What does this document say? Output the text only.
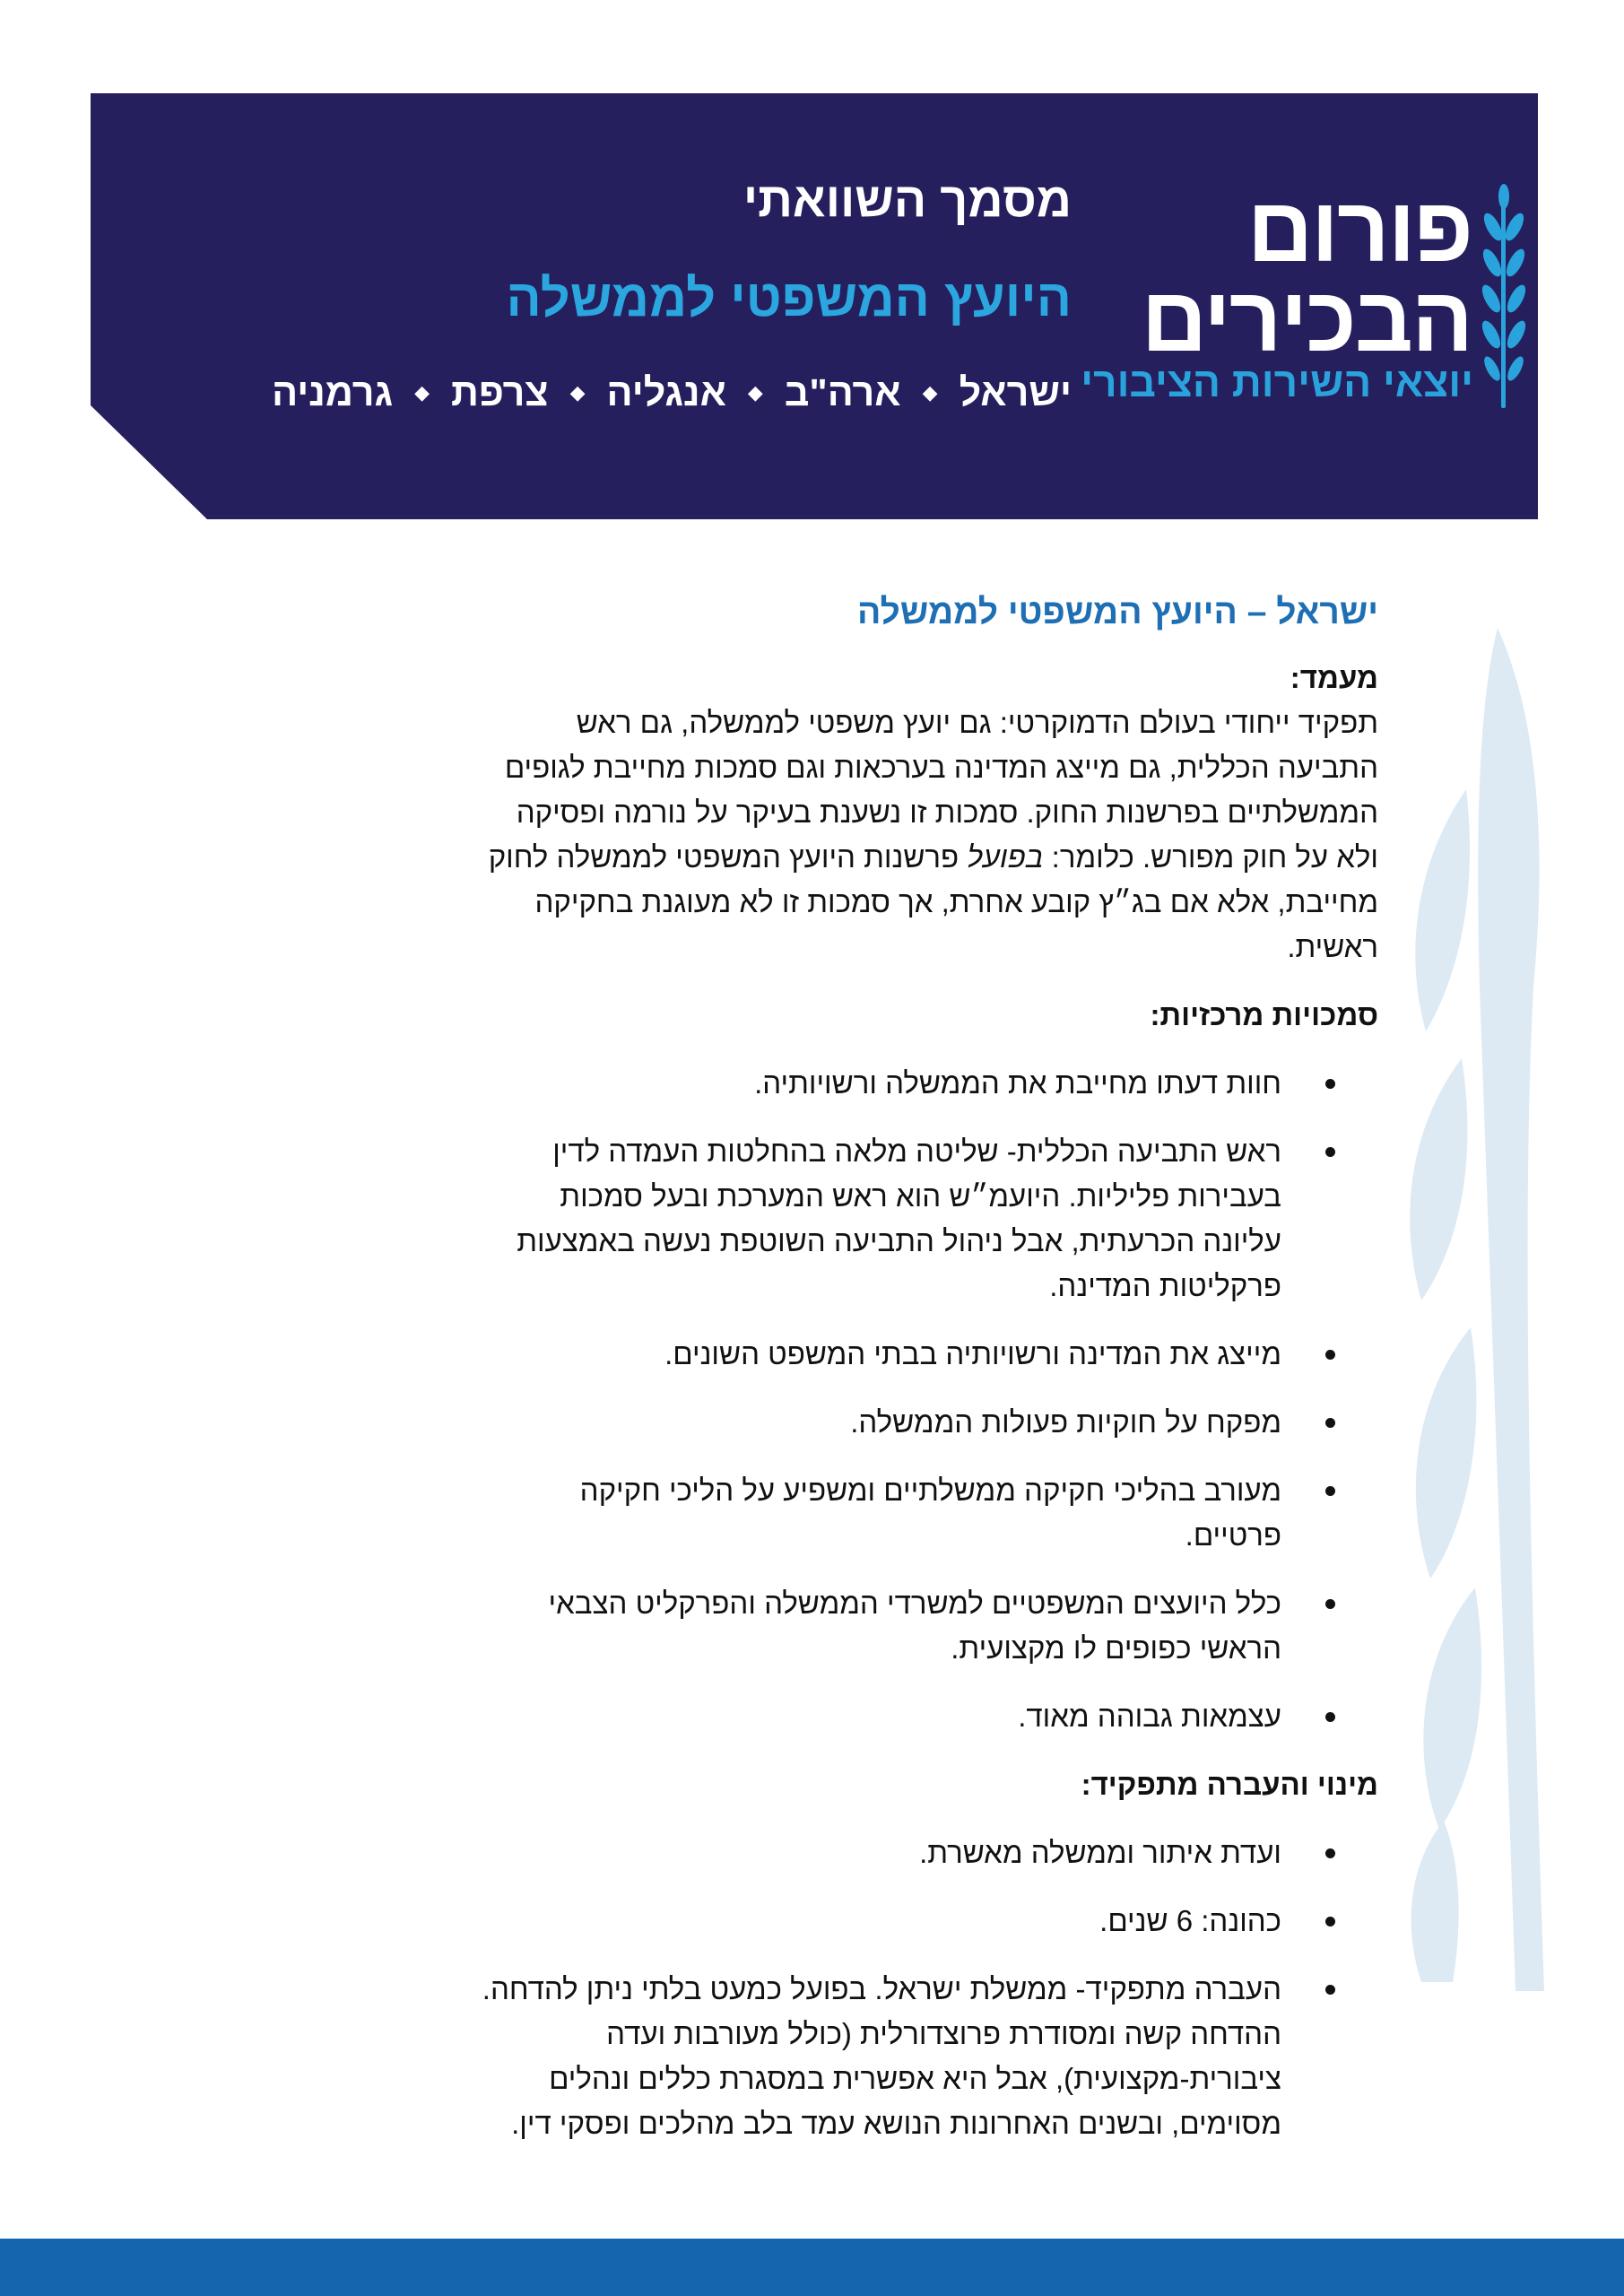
פורום
הבכירים
יוצאי השירות הציבורי
מסמך השוואתי
היועץ המשפטי לממשלה
ישראל
◆
ארה"ב
◆
אנגליה
◆
צרפת
◆
גרמניה
ישראל – היועץ המשפטי לממשלה
מעמד:

תפקיד ייחודי בעולם הדמוקרטי: גם יועץ משפטי לממשלה, גם ראש התביעה הכללית, גם מייצג המדינה בערכאות וגם סמכות מחייבת לגופים הממשלתיים בפרשנות החוק. סמכות זו נשענת בעיקר על נורמה ופסיקה ולא על חוק מפורש. כלומר: בפועל פרשנות היועץ המשפטי לממשלה לחוק מחייבת, אלא אם בג״ץ קובע אחרת, אך סמכות זו לא מעוגנת בחקיקה ראשית.

סמכויות מרכזיות:
חוות דעתו מחייבת את הממשלה ורשויותיה.
ראש התביעה הכללית- שליטה מלאה בהחלטות העמדה לדין בעבירות פליליות. היועמ״ש הוא ראש המערכת ובעל סמכות עליונה הכרעתית, אבל ניהול התביעה השוטפת נעשה באמצעות פרקליטות המדינה.
מייצג את המדינה ורשויותיה בבתי המשפט השונים.
מפקח על חוקיות פעולות הממשלה.
מעורב בהליכי חקיקה ממשלתיים ומשפיע על הליכי חקיקה פרטיים.
כלל היועצים המשפטיים למשרדי הממשלה והפרקליט הצבאי הראשי כפופים לו מקצועית.
עצמאות גבוהה מאוד.
מינוי והעברה מתפקיד:
ועדת איתור וממשלה מאשרת.
כהונה: 6 שנים.
העברה מתפקיד- ממשלת ישראל. בפועל כמעט בלתי ניתן להדחה. ההדחה קשה ומסודרת פרוצדורלית (כולל מעורבות ועדה ציבורית-מקצועית), אבל היא אפשרית במסגרת כללים ונהלים מסוימים, ובשנים האחרונות הנושא עמד בלב מהלכים ופסקי דין.
